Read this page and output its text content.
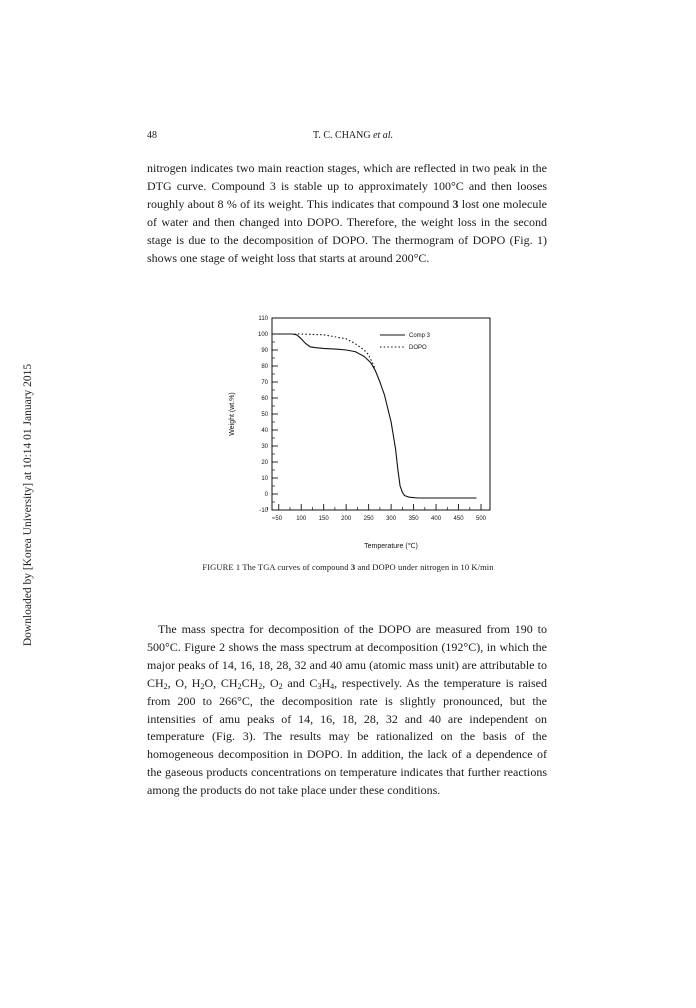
Downloaded by [Korea University] at 10:14 01 January 2015
48	T. C. CHANG et al.

nitrogen indicates two main reaction stages, which are reflected in two peak in the DTG curve. Compound 3 is stable up to approximately 100°C and then looses roughly about 8 % of its weight. This indicates that compound 3 lost one molecule of water and then changed into DOPO. Therefore, the weight loss in the second stage is due to the decomposition of DOPO. The thermogram of DOPO (Fig. 1) shows one stage of weight loss that starts at around 200°C.

-10
0
10
20
30
40
50
60
70
80
90
100
110
50 100 150 200 250 300 350 400 450 500
Temperature (℃)
Weight (wt.%)
Comp 3
DOPO
FIGURE 1 The TGA curves of compound 3 and DOPO under nitrogen in 10 K/min

The mass spectra for decomposition of the DOPO are measured from 190 to 500°C. Figure 2 shows the mass spectrum at decomposition (192°C), in which the major peaks of 14, 16, 18, 28, 32 and 40 amu (atomic mass unit) are attributable to $CH_2$, O, $H_2O$, $CH_2CH_2$, $O_2$ and $C_3H_4$, respectively. As the temperature is raised from 200 to 266°C, the decomposition rate is slightly pronounced, but the intensities of amu peaks of 14, 16, 18, 28, 32 and 40 are independent on temperature (Fig. 3). The results may be rationalized on the basis of the homogeneous decomposition in DOPO. In addition, the lack of a dependence of the gaseous products concentrations on temperature indicates that further reactions among the products do not take place under these conditions.
